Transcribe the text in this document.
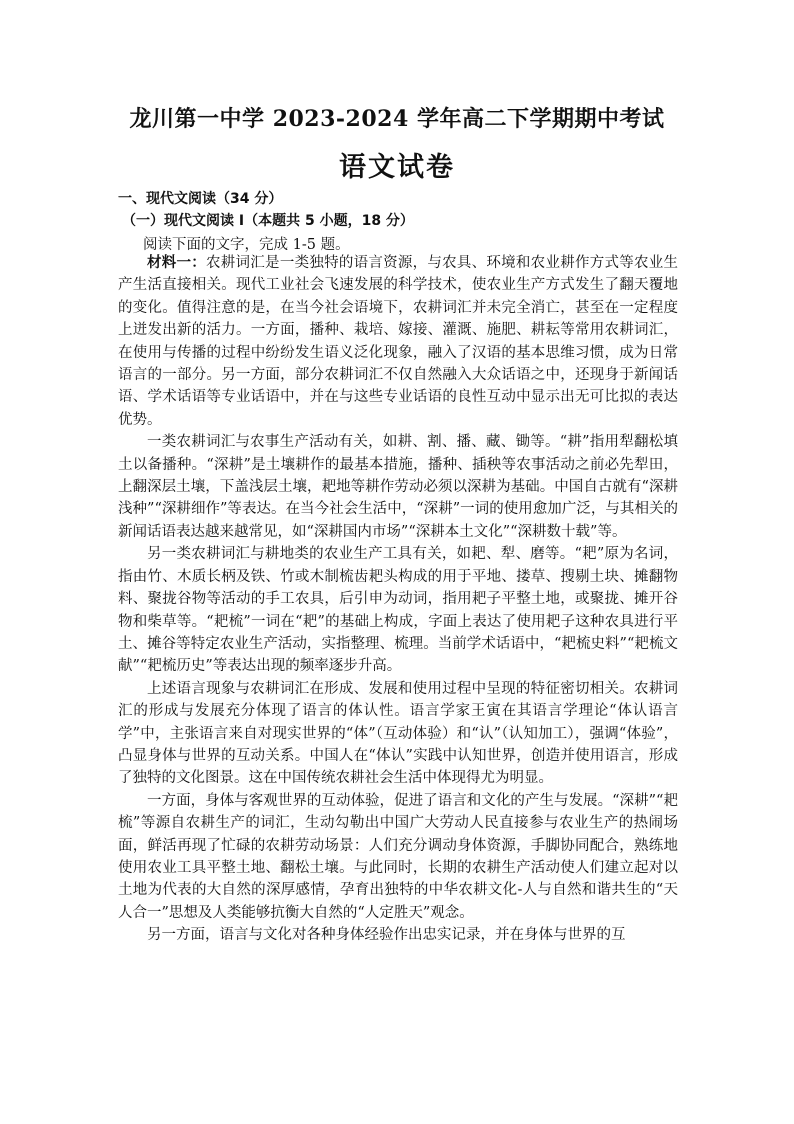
龙川第一中学 2023-2024 学年高二下学期期中考试
语文试卷
一、现代文阅读（34 分）
（一）现代文阅读 I（本题共 5 小题，18 分）
阅读下面的文字，完成 1-5 题。

材料一：农耕词汇是一类独特的语言资源，与农具、环境和农业耕作方式等农业生产生活直接相关。现代工业社会飞速发展的科学技术，使农业生产方式发生了翻天覆地的变化。值得注意的是，在当今社会语境下，农耕词汇并未完全消亡，甚至在一定程度上迸发出新的活力。一方面，播种、栽培、嫁接、灌溉、施肥、耕耘等常用农耕词汇，在使用与传播的过程中纷纷发生语义泛化现象，融入了汉语的基本思维习惯，成为日常语言的一部分。另一方面，部分农耕词汇不仅自然融入大众话语之中，还现身于新闻话语、学术话语等专业话语中，并在与这些专业话语的良性互动中显示出无可比拟的表达优势。

一类农耕词汇与农事生产活动有关，如耕、割、播、藏、锄等。“耕”指用犁翻松填土以备播种。“深耕”是土壤耕作的最基本措施，播种、插秧等农事活动之前必先犁田，上翻深层土壤，下盖浅层土壤，耙地等耕作劳动必须以深耕为基础。中国自古就有“深耕浅种”“深耕细作”等表达。在当今社会生活中，“深耕”一词的使用愈加广泛，与其相关的新闻话语表达越来越常见，如“深耕国内市场”“深耕本土文化”“深耕数十载”等。

另一类农耕词汇与耕地类的农业生产工具有关，如耙、犁、磨等。“耙”原为名词，指由竹、木质长柄及铁、竹或木制梳齿耙头构成的用于平地、搂草、搜剔土块、摊翻物料、聚拢谷物等活动的手工农具，后引申为动词，指用耙子平整土地，或聚拢、摊开谷物和柴草等。“耙梳”一词在“耙”的基础上构成，字面上表达了使用耙子这种农具进行平土、摊谷等特定农业生产活动，实指整理、梳理。当前学术话语中，“耙梳史料”“耙梳文献”“耙梳历史”等表达出现的频率逐步升高。

上述语言现象与农耕词汇在形成、发展和使用过程中呈现的特征密切相关。农耕词汇的形成与发展充分体现了语言的体认性。语言学家王寅在其语言学理论“体认语言学”中，主张语言来自对现实世界的“体”（互动体验）和“认”（认知加工），强调“体验”，凸显身体与世界的互动关系。中国人在“体认”实践中认知世界，创造并使用语言，形成了独特的文化图景。这在中国传统农耕社会生活中体现得尤为明显。

一方面，身体与客观世界的互动体验，促进了语言和文化的产生与发展。“深耕”“耙梳”等源自农耕生产的词汇，生动勾勒出中国广大劳动人民直接参与农业生产的热闹场面，鲜活再现了忙碌的农耕劳动场景：人们充分调动身体资源，手脚协同配合，熟练地使用农业工具平整土地、翻松土壤。与此同时，长期的农耕生产活动使人们建立起对以土地为代表的大自然的深厚感情，孕育出独特的中华农耕文化-人与自然和谐共生的“天人合一”思想及人类能够抗衡大自然的“人定胜天”观念。

另一方面，语言与文化对各种身体经验作出忠实记录，并在身体与世界的互
